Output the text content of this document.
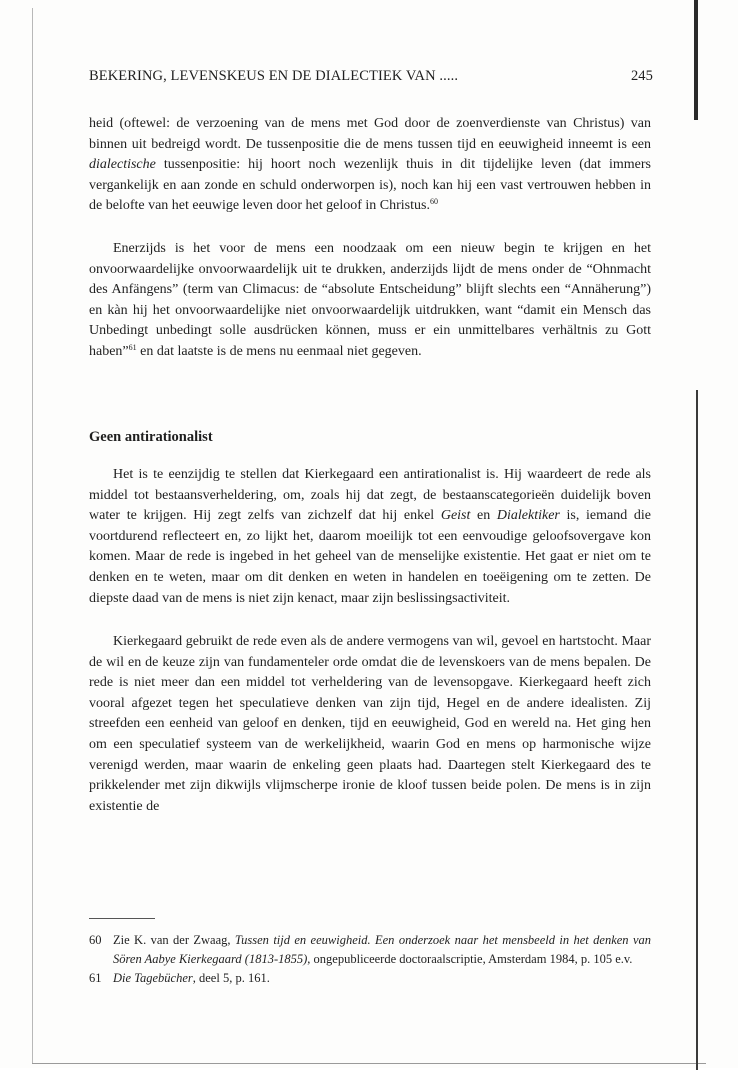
BEKERING, LEVENSKEUS EN DE DIALECTIEK VAN .....	245

heid (oftewel: de verzoening van de mens met God door de zoenverdienste van Christus) van binnen uit bedreigd wordt. De tussenpositie die de mens tussen tijd en eeuwigheid inneemt is een dialectische tussenpositie: hij hoort noch wezenlijk thuis in dit tijdelijke leven (dat immers vergankelijk en aan zonde en schuld onderworpen is), noch kan hij een vast vertrouwen hebben in de belofte van het eeuwige leven door het geloof in Christus.$^{60}$

Enerzijds is het voor de mens een noodzaak om een nieuw begin te krijgen en het onvoorwaardelijke onvoorwaardelijk uit te drukken, anderzijds lijdt de mens onder de “Ohnmacht des Anfängens” (term van Climacus: de “absolute Entscheidung” blijft slechts een “Annäherung”) en kàn hij het onvoorwaardelijke niet onvoorwaardelijk uitdrukken, want “damit ein Mensch das Unbedingt unbedingt solle ausdrücken können, muss er ein unmittelbares verhältnis zu Gott haben”$^{61}$ en dat laatste is de mens nu eenmaal niet gegeven.

Geen antirationalist

Het is te eenzijdig te stellen dat Kierkegaard een antirationalist is. Hij waardeert de rede als middel tot bestaansverheldering, om, zoals hij dat zegt, de bestaanscategorieën duidelijk boven water te krijgen. Hij zegt zelfs van zichzelf dat hij enkel Geist en Dialektiker is, iemand die voortdurend reflecteert en, zo lijkt het, daarom moeilijk tot een eenvoudige geloofsovergave kon komen. Maar de rede is ingebed in het geheel van de menselijke existentie. Het gaat er niet om te denken en te weten, maar om dit denken en weten in handelen en toeëigening om te zetten. De diepste daad van de mens is niet zijn kenact, maar zijn beslissingsactiviteit.

Kierkegaard gebruikt de rede even als de andere vermogens van wil, gevoel en hartstocht. Maar de wil en de keuze zijn van fundamenteler orde omdat die de levenskoers van de mens bepalen. De rede is niet meer dan een middel tot verheldering van de levensopgave. Kierkegaard heeft zich vooral afgezet tegen het speculatieve denken van zijn tijd, Hegel en de andere idealisten. Zij streefden een eenheid van geloof en denken, tijd en eeuwigheid, God en wereld na. Het ging hen om een speculatief systeem van de werkelijkheid, waarin God en mens op harmonische wijze verenigd werden, maar waarin de enkeling geen plaats had. Daartegen stelt Kierkegaard des te prikkelender met zijn dikwijls vlijmscherpe ironie de kloof tussen beide polen. De mens is in zijn existentie de

60 Zie K. van der Zwaag, Tussen tijd en eeuwigheid. Een onderzoek naar het mensbeeld in het denken van Sören Aabye Kierkegaard (1813-1855), ongepubliceerde doctoraalscriptie, Amsterdam 1984, p. 105 e.v.
61 Die Tagebücher, deel 5, p. 161.
